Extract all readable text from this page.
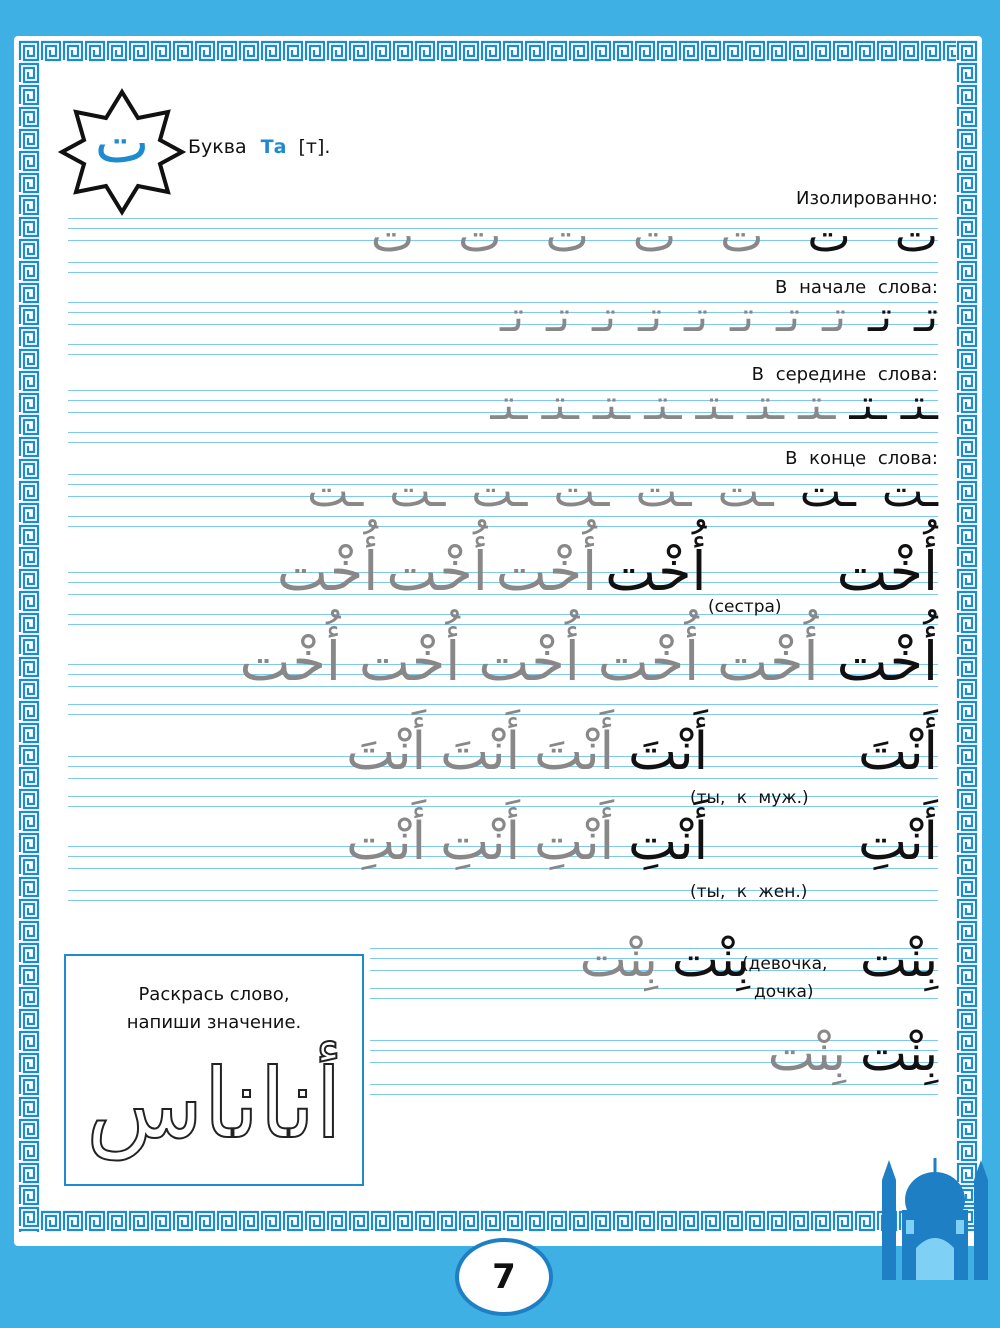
ت	Буква Та [т].
Изолированно:
تتتتتتت
В начале слова:
تـتـتـتـتـتـتـتـتـتـ
В середине слова:
ـتــتــتــتــتــتــتــتــتـ
В конце слова:
ـتـتـتـتـتـتـتـت
أُخْتأُخْتأُخْتأُخْتأُخْت
(сестра)
أُخْتأُخْتأُخْتأُخْتأُخْتأُخْت
أَنْتَأَنْتَأَنْتَأَنْتَأَنْتَ
(ты, к муж.)
أَنْتِأَنْتِأَنْتِأَنْتِأَنْتِ
(ты, к жен.)
بِنْتبِنْتبِنْت	(девочка,
дочка)
بِنْتبِنْت
Раскрась слово,
напиши значение.
أناناس
7
